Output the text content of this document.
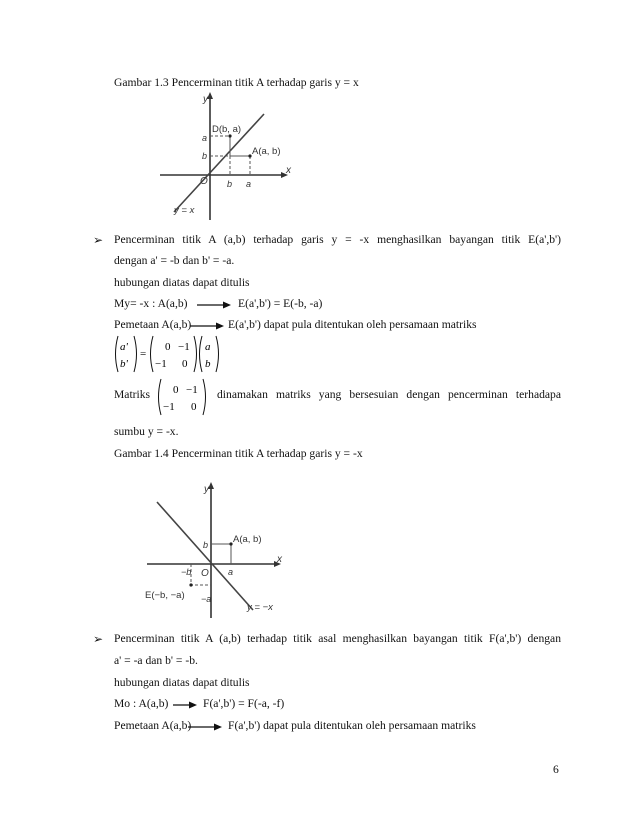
Gambar 1.3 Pencerminan titik A terhadap garis y = x
y
x
O
D(b, a)
A(a, b)
a
b
b a
y = x
➢ Pencerminan titik A (a,b) terhadap garis y = -x menghasilkan bayangan titik E(a',b')
dengan a' = -b dan b' = -a.
hubungan diatas dapat ditulis
My= -x : A(a,b)	E(a',b') = E(-b, -a)
Pemetaan A(a,b)	E(a',b') dapat pula ditentukan oleh persamaan matriks
a'
b'
=
0 −1
−1 0
a
b
Matriks 0 −1
−1 0
dinamakan matriks yang bersesuian dengan pencerminan terhadapa
sumbu y = -x.
Gambar 1.4 Pencerminan titik A terhadap garis y = -x
y
x
O
A(a, b)
E(−b, −a)
b
−b	a
−a
y = −x
➢ Pencerminan titik A (a,b) terhadap titik asal menghasilkan bayangan titik F(a',b') dengan
a' = -a dan b' = -b.
hubungan diatas dapat ditulis
Mo : A(a,b)	F(a',b') = F(-a, -f)
Pemetaan A(a,b)	F(a',b') dapat pula ditentukan oleh persamaan matriks
6
